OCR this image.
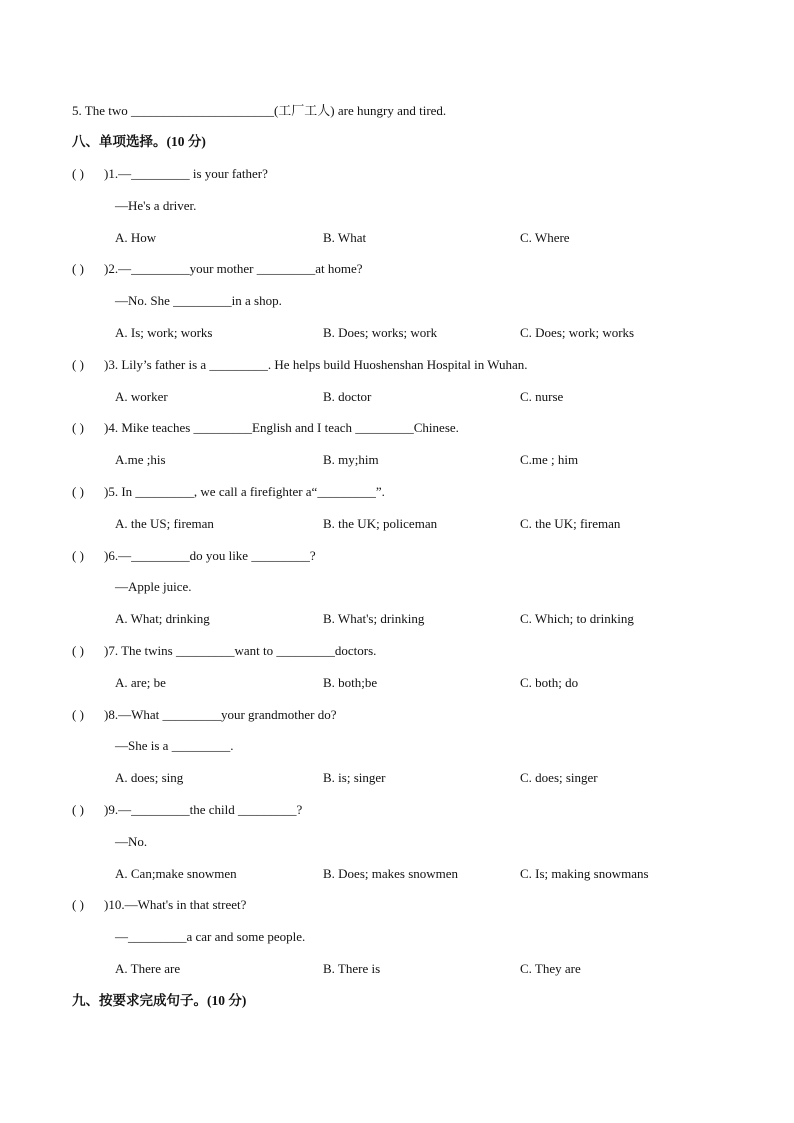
5. The two ______________________(工厂工人) are hungry and tired.
八、单项选择。(10 分)
( ) )1.—_________ is your father?
—He's a driver.
A. How	B. What	C. Where
( ) )2.—_________your mother _________at home?
—No. She _________in a shop.
A. Is; work; works	B. Does; works; work	C. Does; work; works
( ) )3. Lily’s father is a _________. He helps build Huoshenshan Hospital in Wuhan.
A. worker	B. doctor	C. nurse
( ) )4. Mike teaches _________English and I teach _________Chinese.
A.me ;his	B. my;him	C.me ; him
( ) )5. In _________, we call a firefighter a“_________”.
A. the US; fireman	B. the UK; policeman	C. the UK; fireman
( ) )6.—_________do you like _________?
—Apple juice.
A. What; drinking	B. What's; drinking	C. Which; to drinking
( ) )7. The twins _________want to _________doctors.
A. are; be	B. both;be	C. both; do
( ) )8.—What _________your grandmother do?
—She is a _________.
A. does; sing	B. is; singer	C. does; singer
( ) )9.—_________the child _________?
—No.
A. Can;make snowmen	B. Does; makes snowmen	C. Is; making snowmans
( ) )10.—What's in that street?
—_________a car and some people.
A. There are	B. There is	C. They are
九、按要求完成句子。(10 分)
